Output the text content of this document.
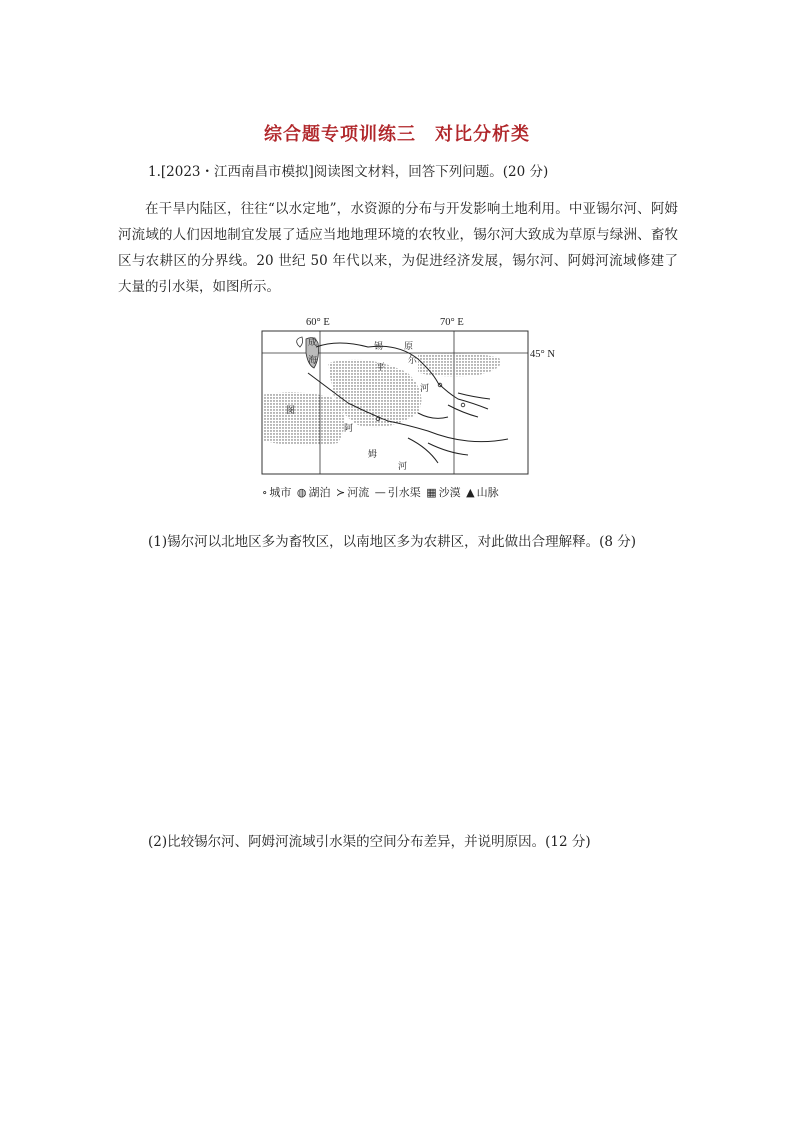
综合题专项训练三　对比分析类
1.[2023・江西南昌市模拟]阅读图文材料，回答下列问题。(20 分)

在干旱内陆区，往往“以水定地”，水资源的分布与开发影响土地利用。中亚锡尔河、阿姆河流域的人们因地制宜发展了适应当地地理环境的农牧业，锡尔河大致成为草原与绿洲、畜牧区与农耕区的分界线。20 世纪 50 年代以来，为促进经济发展，锡尔河、阿姆河流域修建了大量的引水渠，如图所示。

60° E	70° E
45° N
成
海
锡 原
平
尔
河
图
阿
姆
河
∘ 城市 ◍ 湖泊 ≻ 河流 — 引水渠 ▦ 沙漠 ▲ 山脉
(1)锡尔河以北地区多为畜牧区，以南地区多为农耕区，对此做出合理解释。(8 分)
(2)比较锡尔河、阿姆河流域引水渠的空间分布差异，并说明原因。(12 分)
